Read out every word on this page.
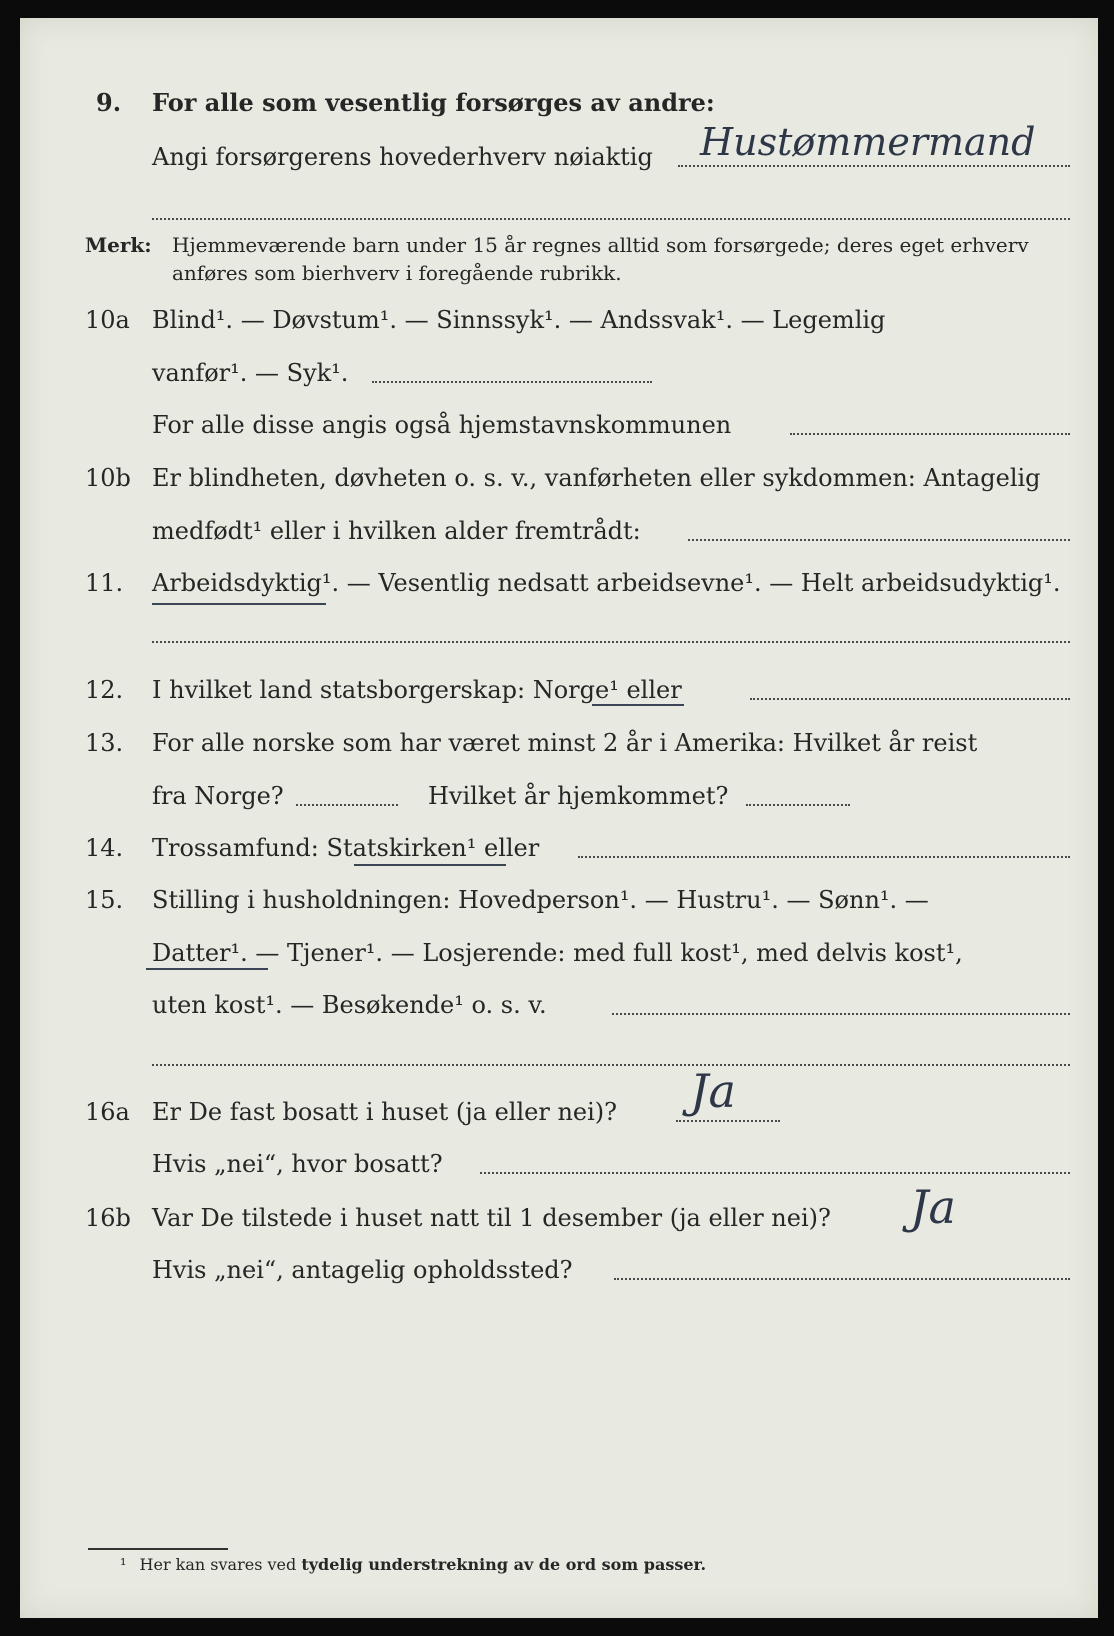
9. For alle som vesentlig forsørges av andre:
Angi forsørgerens hovederhverv nøiaktig Hustømmermand
Merk: Hjemmeværende barn under 15 år regnes alltid som forsørgede; deres eget erhverv
anføres som bierhverv i foregående rubrikk.
10a Blind¹. — Døvstum¹. — Sinnssyk¹. — Andssvak¹. — Legemlig
vanfør¹. — Syk¹.
For alle disse angis også hjemstavnskommunen
10b Er blindheten, døvheten o. s. v., vanførheten eller sykdommen: Antagelig
medfødt¹ eller i hvilken alder fremtrådt:
11. Arbeidsdyktig¹. — Vesentlig nedsatt arbeidsevne¹. — Helt arbeidsudyktig¹.
12. I hvilket land statsborgerskap: Norge¹ eller
13. For alle norske som har været minst 2 år i Amerika: Hvilket år reist
fra Norge?	Hvilket år hjemkommet?
14. Trossamfund: Statskirken¹ eller
15. Stilling i husholdningen: Hovedperson¹. — Hustru¹. — Sønn¹. —
Datter¹. — Tjener¹. — Losjerende: med full kost¹, med delvis kost¹,
uten kost¹. — Besøkende¹ o. s. v.
16a Er De fast bosatt i huset (ja eller nei)? Ja
Hvis „nei“, hvor bosatt?
16b Var De tilstede i huset natt til 1 desember (ja eller nei)? Ja
Hvis „nei“, antagelig opholdssted?
¹ Her kan svares ved tydelig understrekning av de ord som passer.
